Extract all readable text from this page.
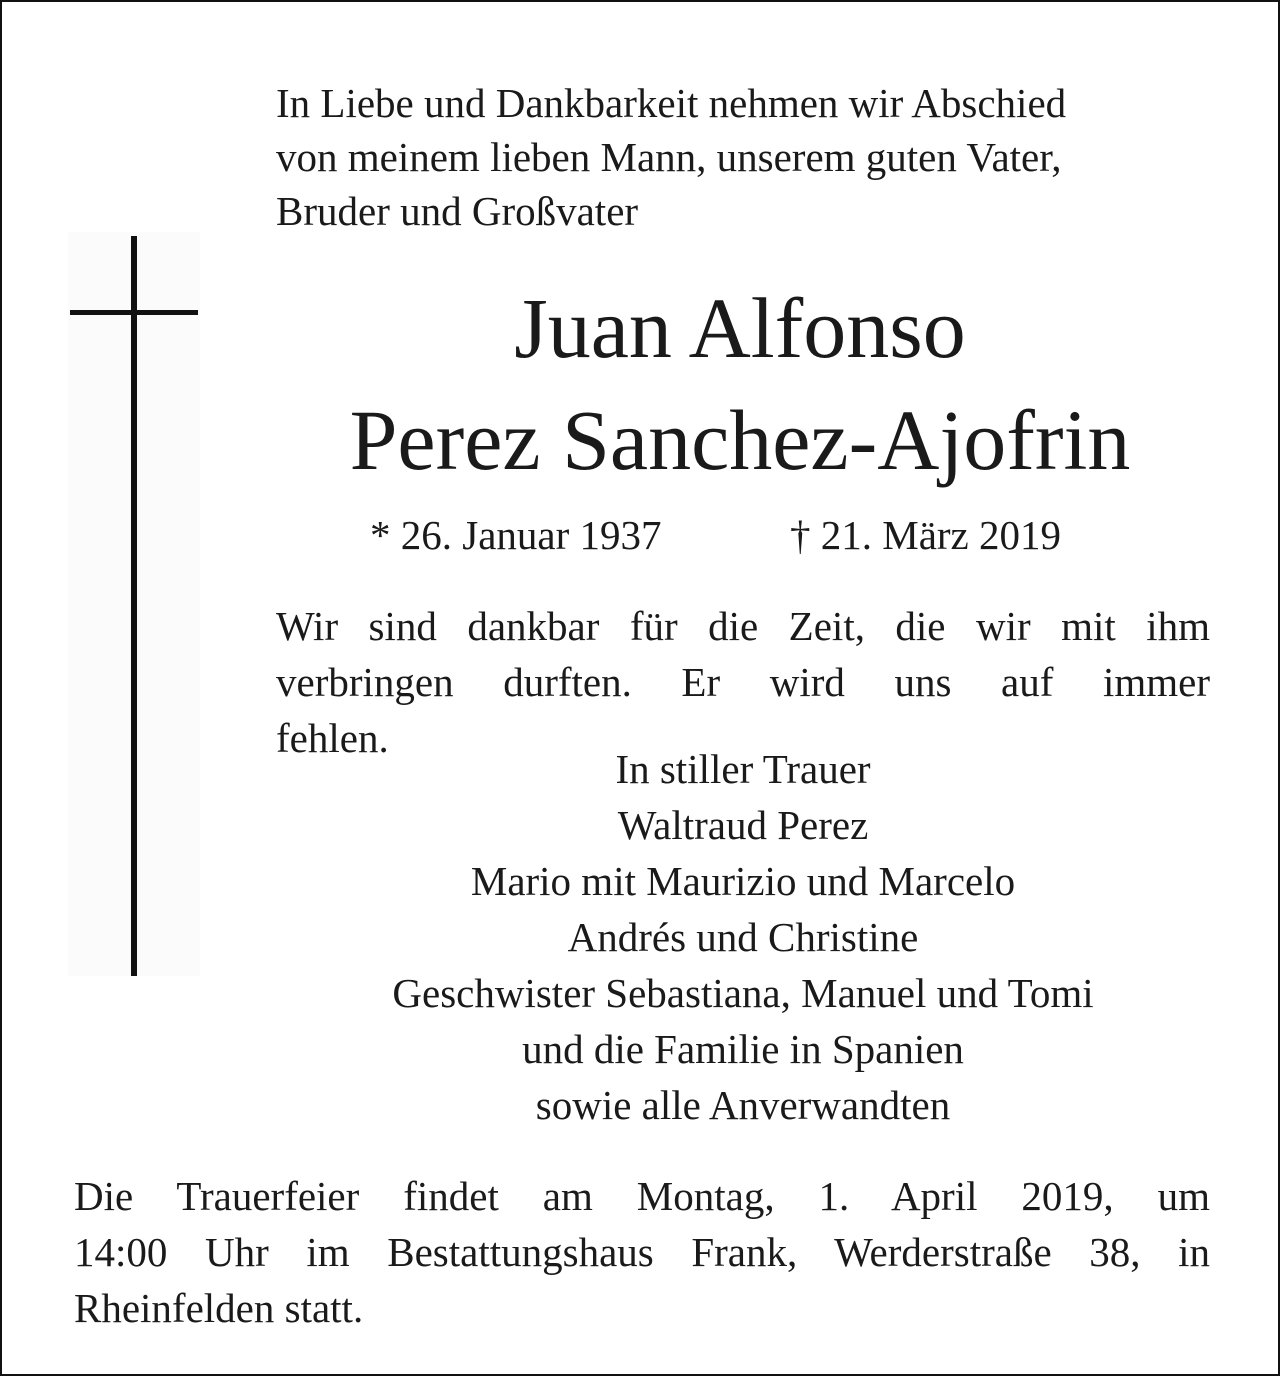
In Liebe und Dankbarkeit nehmen wir Abschied
von meinem lieben Mann, unserem guten Vater,
Bruder und Großvater

Juan Alfonso
Perez Sanchez-Ajofrin
* 26. Januar 1937	† 21. März 2019
Wir sind dankbar für die Zeit, die wir mit ihm
verbringen durften. Er wird uns auf immer
fehlen.
In stiller Trauer
Waltraud Perez
Mario mit Maurizio und Marcelo
Andrés und Christine
Geschwister Sebastiana, Manuel und Tomi
und die Familie in Spanien
sowie alle Anverwandten
Die Trauerfeier findet am Montag, 1. April 2019, um
14:00 Uhr im Bestattungshaus Frank, Werderstraße 38, in
Rheinfelden statt.
